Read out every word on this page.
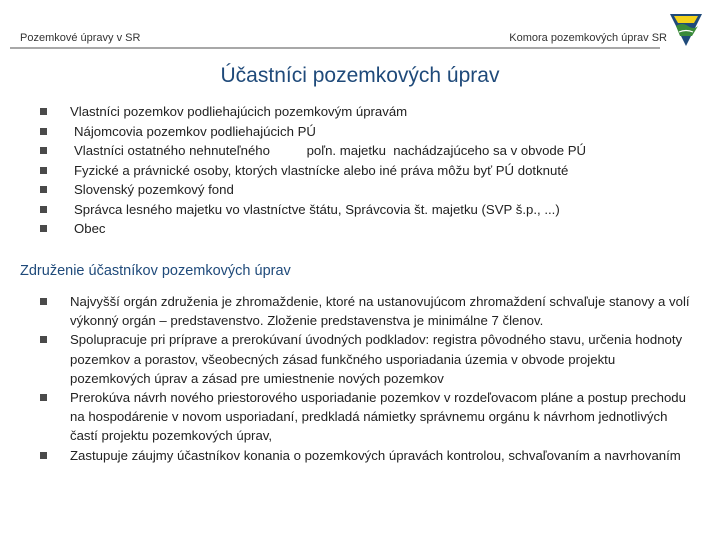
Pozemkové úpravy v SR	Komora pozemkových úprav SR
Účastníci pozemkových úprav
Vlastníci pozemkov podliehajúcich pozemkovým úpravám
Nájomcovia pozemkov podliehajúcich PÚ
Vlastníci ostatného nehnuteľného          poľn. majetku  nachádzajúceho sa v obvode PÚ
Fyzické a právnické osoby, ktorých vlastnícke alebo iné práva môžu byť PÚ dotknuté
Slovenský pozemkový fond
Správca lesného majetku vo vlastníctve štátu, Správcovia št. majetku (SVP š.p., ...)
Obec
Združenie účastníkov pozemkových úprav
Najvyšší orgán združenia je zhromaždenie, ktoré na ustanovujúcom zhromaždení schvaľuje stanovy a volí výkonný orgán – predstavenstvo. Zloženie predstavenstva je minimálne 7 členov.
Spolupracuje pri príprave a prerokúvaní úvodných podkladov: registra pôvodného stavu, určenia hodnoty pozemkov a porastov, všeobecných zásad funkčného usporiadania územia v obvode projektu pozemkových úprav a zásad pre umiestnenie nových pozemkov
Prerokúva návrh nového priestorového usporiadanie pozemkov v rozdeľovacom pláne a postup prechodu na hospodárenie v novom usporiadaní, predkladá námietky správnemu orgánu k návrhom jednotlivých častí projektu pozemkových úprav,
Zastupuje záujmy účastníkov konania o pozemkových úpravách kontrolou, schvaľovaním a navrhovaním
